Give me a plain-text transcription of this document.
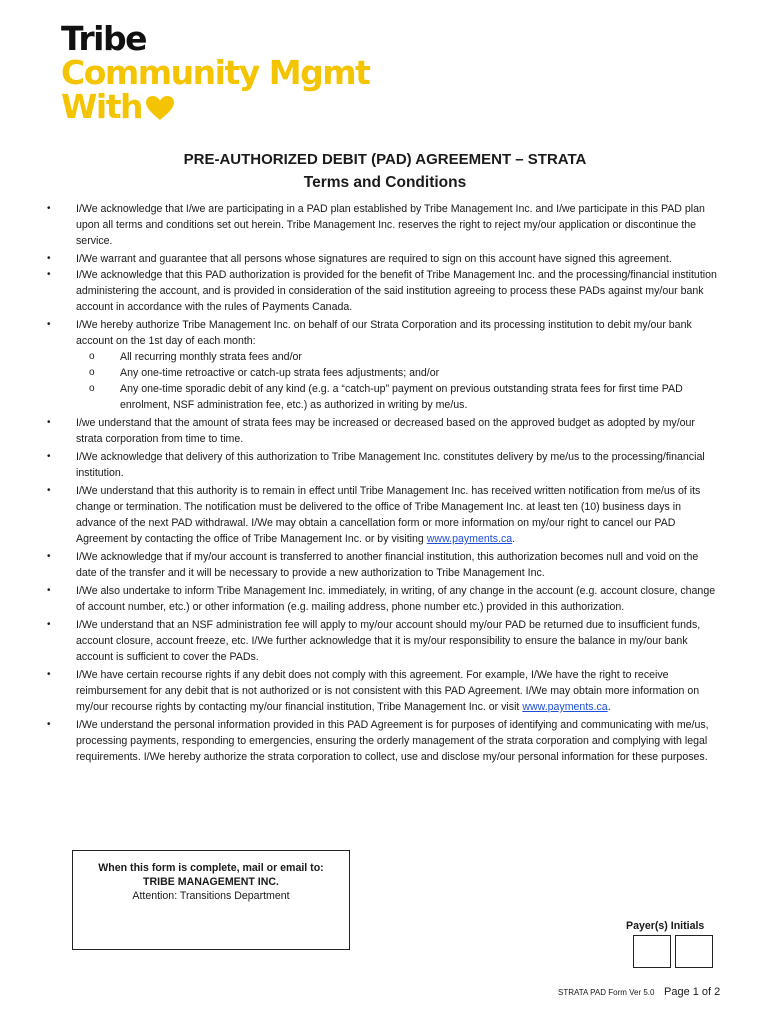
Tribe
Community Mgmt
With
PRE-AUTHORIZED DEBIT (PAD) AGREEMENT – STRATA
Terms and Conditions
• I/We acknowledge that I/we are participating in a PAD plan established by Tribe Management Inc. and I/we participate in this PAD plan upon all terms and conditions set out herein. Tribe Management Inc. reserves the right to reject my/our application or discontinue the service.
• I/We warrant and guarantee that all persons whose signatures are required to sign on this account have signed this agreement.
• I/We acknowledge that this PAD authorization is provided for the benefit of Tribe Management Inc. and the processing/financial institution administering the account, and is provided in consideration of the said institution agreeing to process these PADs against my/our bank account in accordance with the rules of Payments Canada.
• I/We hereby authorize Tribe Management Inc. on behalf of our Strata Corporation and its processing institution to debit my/our bank account on the 1st day of each month:
o All recurring monthly strata fees and/or
o Any one-time retroactive or catch-up strata fees adjustments; and/or
o Any one-time sporadic debit of any kind (e.g. a “catch-up” payment on previous outstanding strata fees for first time PAD enrolment, NSF administration fee, etc.) as authorized in writing by me/us.
• I/we understand that the amount of strata fees may be increased or decreased based on the approved budget as adopted by my/our strata corporation from time to time.
• I/We acknowledge that delivery of this authorization to Tribe Management Inc. constitutes delivery by me/us to the processing/financial institution.
• I/We understand that this authority is to remain in effect until Tribe Management Inc. has received written notification from me/us of its change or termination. The notification must be delivered to the office of Tribe Management Inc. at least ten (10) business days in advance of the next PAD withdrawal. I/We may obtain a cancellation form or more information on my/our right to cancel our PAD Agreement by contacting the office of Tribe Management Inc. or by visiting www.payments.ca.
• I/We acknowledge that if my/our account is transferred to another financial institution, this authorization becomes null and void on the date of the transfer and it will be necessary to provide a new authorization to Tribe Management Inc.
• I/We also undertake to inform Tribe Management Inc. immediately, in writing, of any change in the account (e.g. account closure, change of account number, etc.) or other information (e.g. mailing address, phone number etc.) provided in this authorization.
• I/We understand that an NSF administration fee will apply to my/our account should my/our PAD be returned due to insufficient funds, account closure, account freeze, etc. I/We further acknowledge that it is my/our responsibility to ensure the balance in my/our bank account is sufficient to cover the PADs.
• I/We have certain recourse rights if any debit does not comply with this agreement. For example, I/We have the right to receive reimbursement for any debit that is not authorized or is not consistent with this PAD Agreement. I/We may obtain more information on my/our recourse rights by contacting my/our financial institution, Tribe Management Inc. or visit www.payments.ca.
• I/We understand the personal information provided in this PAD Agreement is for purposes of identifying and communicating with me/us, processing payments, responding to emergencies, ensuring the orderly management of the strata corporation and complying with legal requirements. I/We hereby authorize the strata corporation to collect, use and disclose my/our personal information for these purposes.
When this form is complete, mail or email to:
TRIBE MANAGEMENT INC.
Attention: Transitions Department
Payer(s) Initials
STRATA PAD Form Ver 5.0 Page 1 of 2
